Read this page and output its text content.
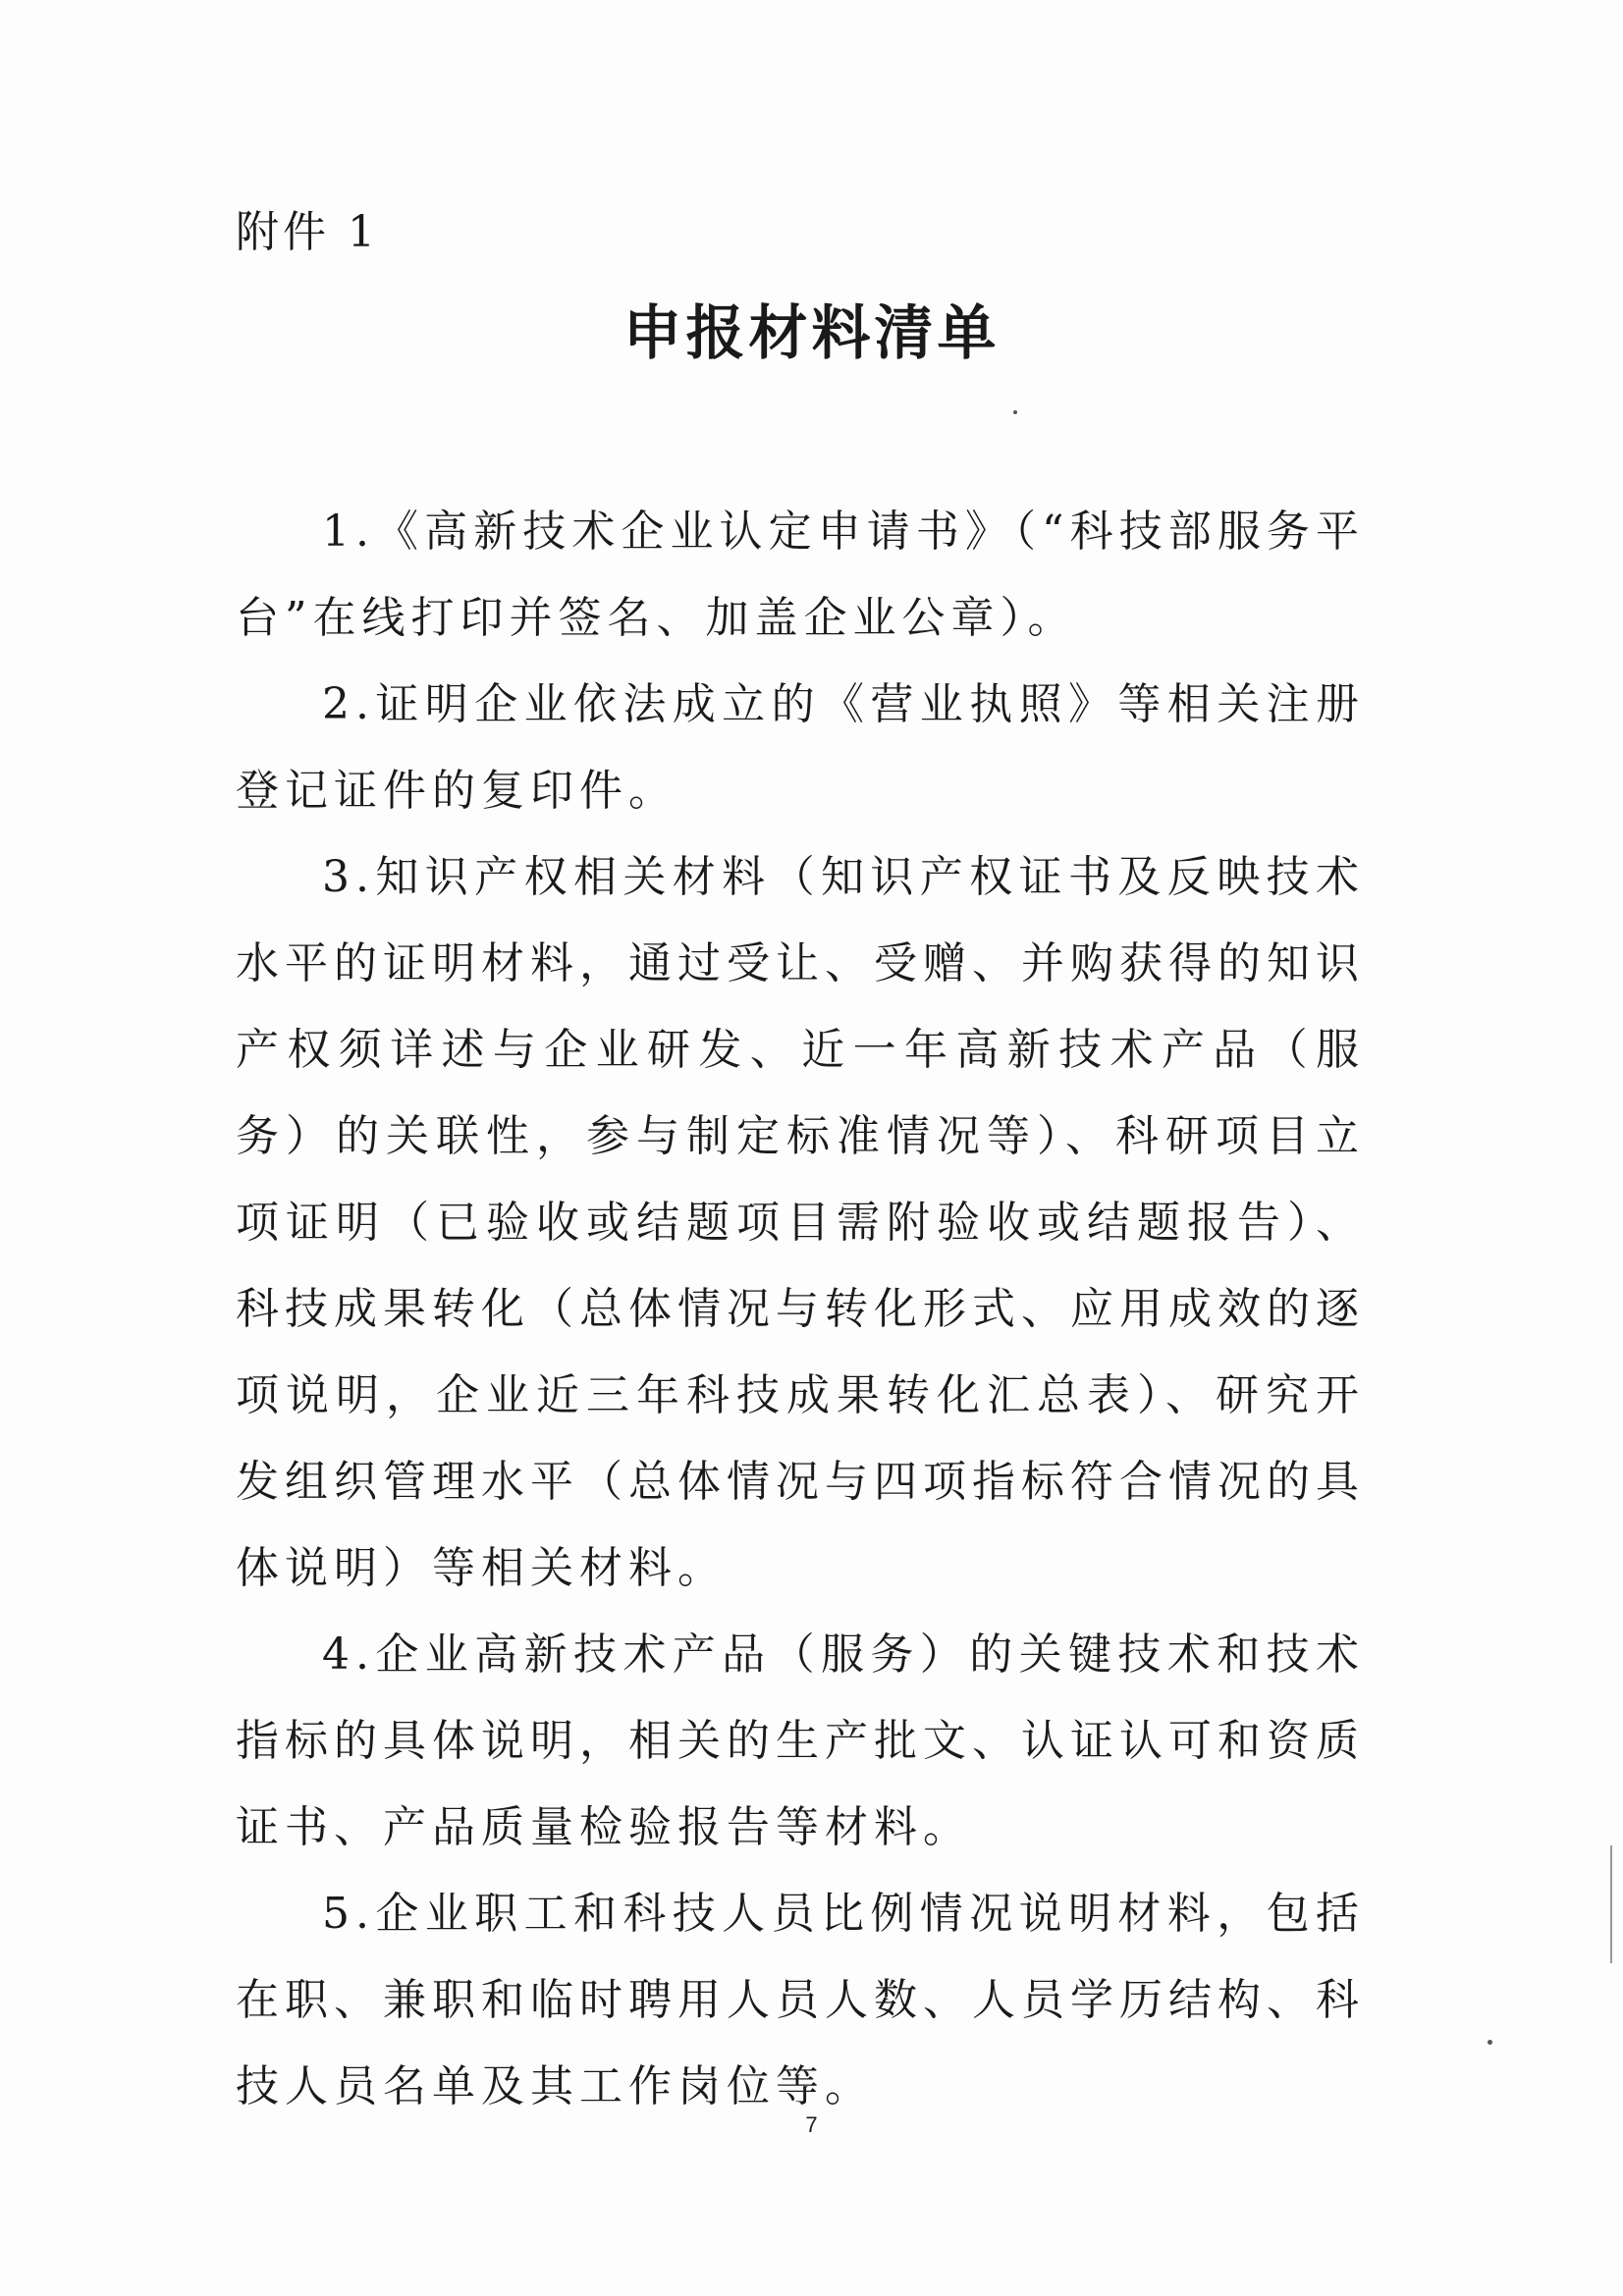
附件 1
申报材料清单

1.《高新技术企业认定申请书》（“科技部服务平台”在线打印并签名、加盖企业公章）。

2.证明企业依法成立的《营业执照》等相关注册登记证件的复印件。

3.知识产权相关材料（知识产权证书及反映技术水平的证明材料，通过受让、受赠、并购获得的知识产权须详述与企业研发、近一年高新技术产品（服务）的关联性，参与制定标准情况等）、科研项目立项证明（已验收或结题项目需附验收或结题报告）、科技成果转化（总体情况与转化形式、应用成效的逐项说明，企业近三年科技成果转化汇总表）、研究开发组织管理水平（总体情况与四项指标符合情况的具体说明）等相关材料。

4.企业高新技术产品（服务）的关键技术和技术指标的具体说明，相关的生产批文、认证认可和资质证书、产品质量检验报告等材料。

5.企业职工和科技人员比例情况说明材料，包括在职、兼职和临时聘用人员人数、人员学历结构、科技人员名单及其工作岗位等。

7
